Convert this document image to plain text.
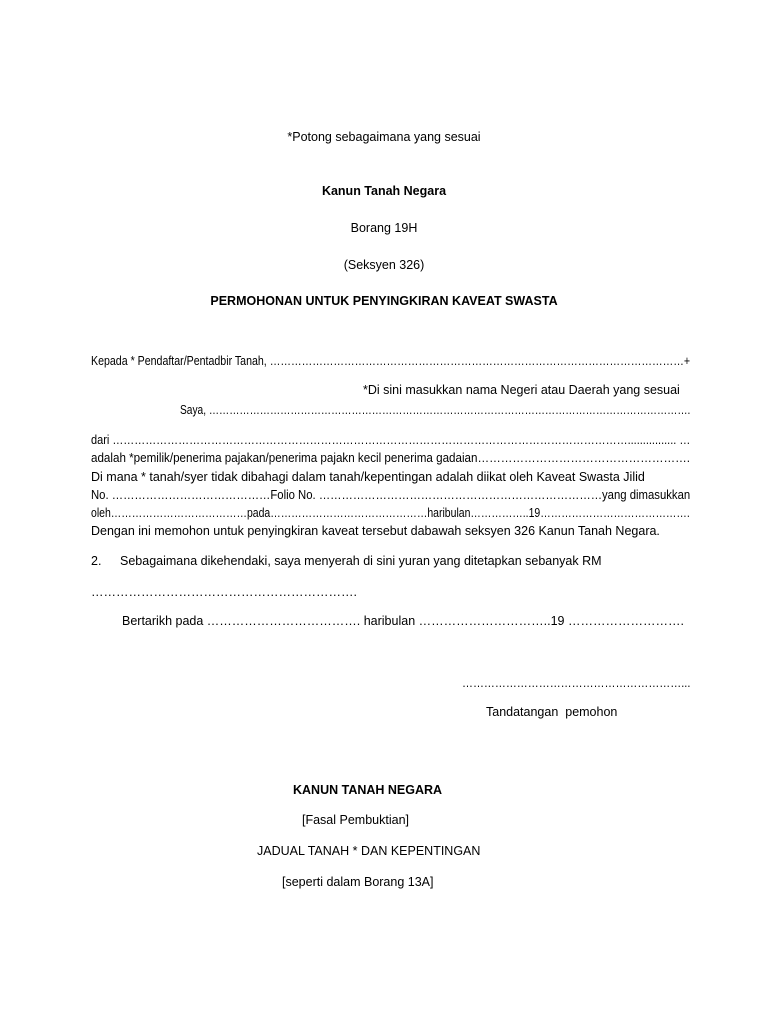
*Potong sebagaimana yang sesuai

Kanun Tanah Negara

Borang 19H

(Seksyen 326)

PERMOHONAN UNTUK PENYINGKIRAN KAVEAT SWASTA

Kepada * Pendaftar/Pentadbir Tanah, ………………………………………………………………………………………………………+

*Di sini masukkan nama Negeri atau Daerah yang sesuai

Saya, …………………………………………………………………………………………………………………………….

dari ……………………………………………………………………………………………………………………………................ …

adalah *pemilik/penerima pajakan/penerima pajakn kecil penerima gadaian……………………………………………….

Di mana * tanah/syer tidak dibahagi dalam tanah/kepentingan adalah diikat oleh Kaveat Swasta Jilid

No. ……………………………………Folio No. …………………………………………………………………yang dimasukkan

oleh…………………………………pada………………………………………haribulan……………..19…………………………………….

Dengan ini memohon untuk penyingkiran kaveat tersebut dabawah seksyen 326 Kanun Tanah Negara.

2. Sebagaimana dikehendaki, saya menyerah di sini yuran yang ditetapkan sebanyak RM

……………………………………………………….

Bertarikh pada ………………………………. haribulan …………………………..19 ……………………….

……………………………………………………...

Tandatangan  pemohon

KANUN TANAH NEGARA

[Fasal Pembuktian]

JADUAL TANAH * DAN KEPENTINGAN

[seperti dalam Borang 13A]
